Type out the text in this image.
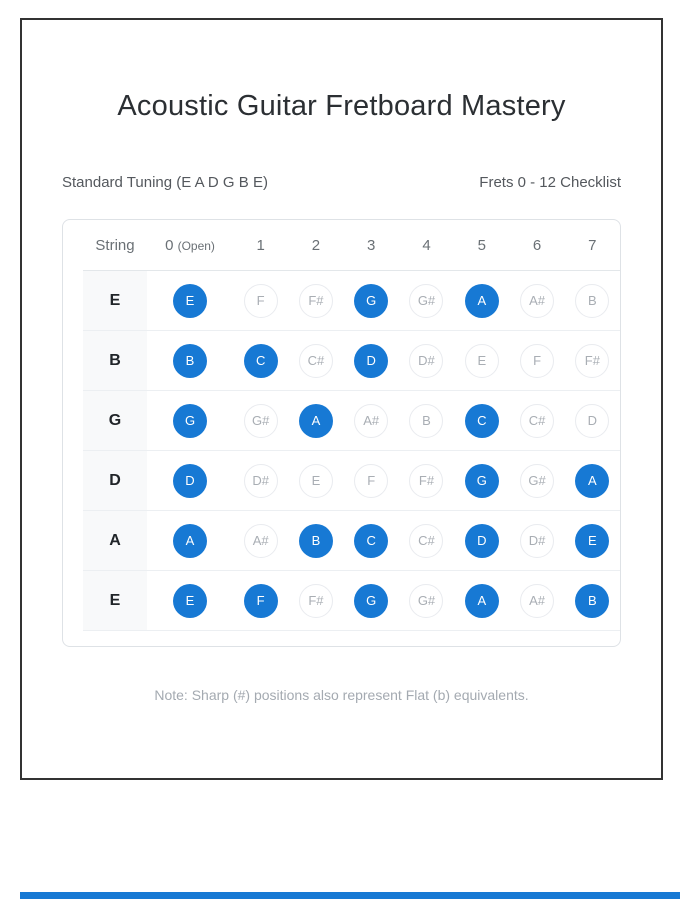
Acoustic Guitar Fretboard Mastery
Standard Tuning (E A D G B E)	Frets 0 - 12 Checklist
String	0 (Open)	1	2	3	4	5	6	7
E	E	F	F#	G	G#	A	A#	B
B	B	C	C#	D	D#	E	F	F#
G	G	G#	A	A#	B	C	C#	D
D	D	D#	E	F	F#	G	G#	A
A	A	A#	B	C	C#	D	D#	E
E	E	F	F#	G	G#	A	A#	B
Note: Sharp (#) positions also represent Flat (b) equivalents.
